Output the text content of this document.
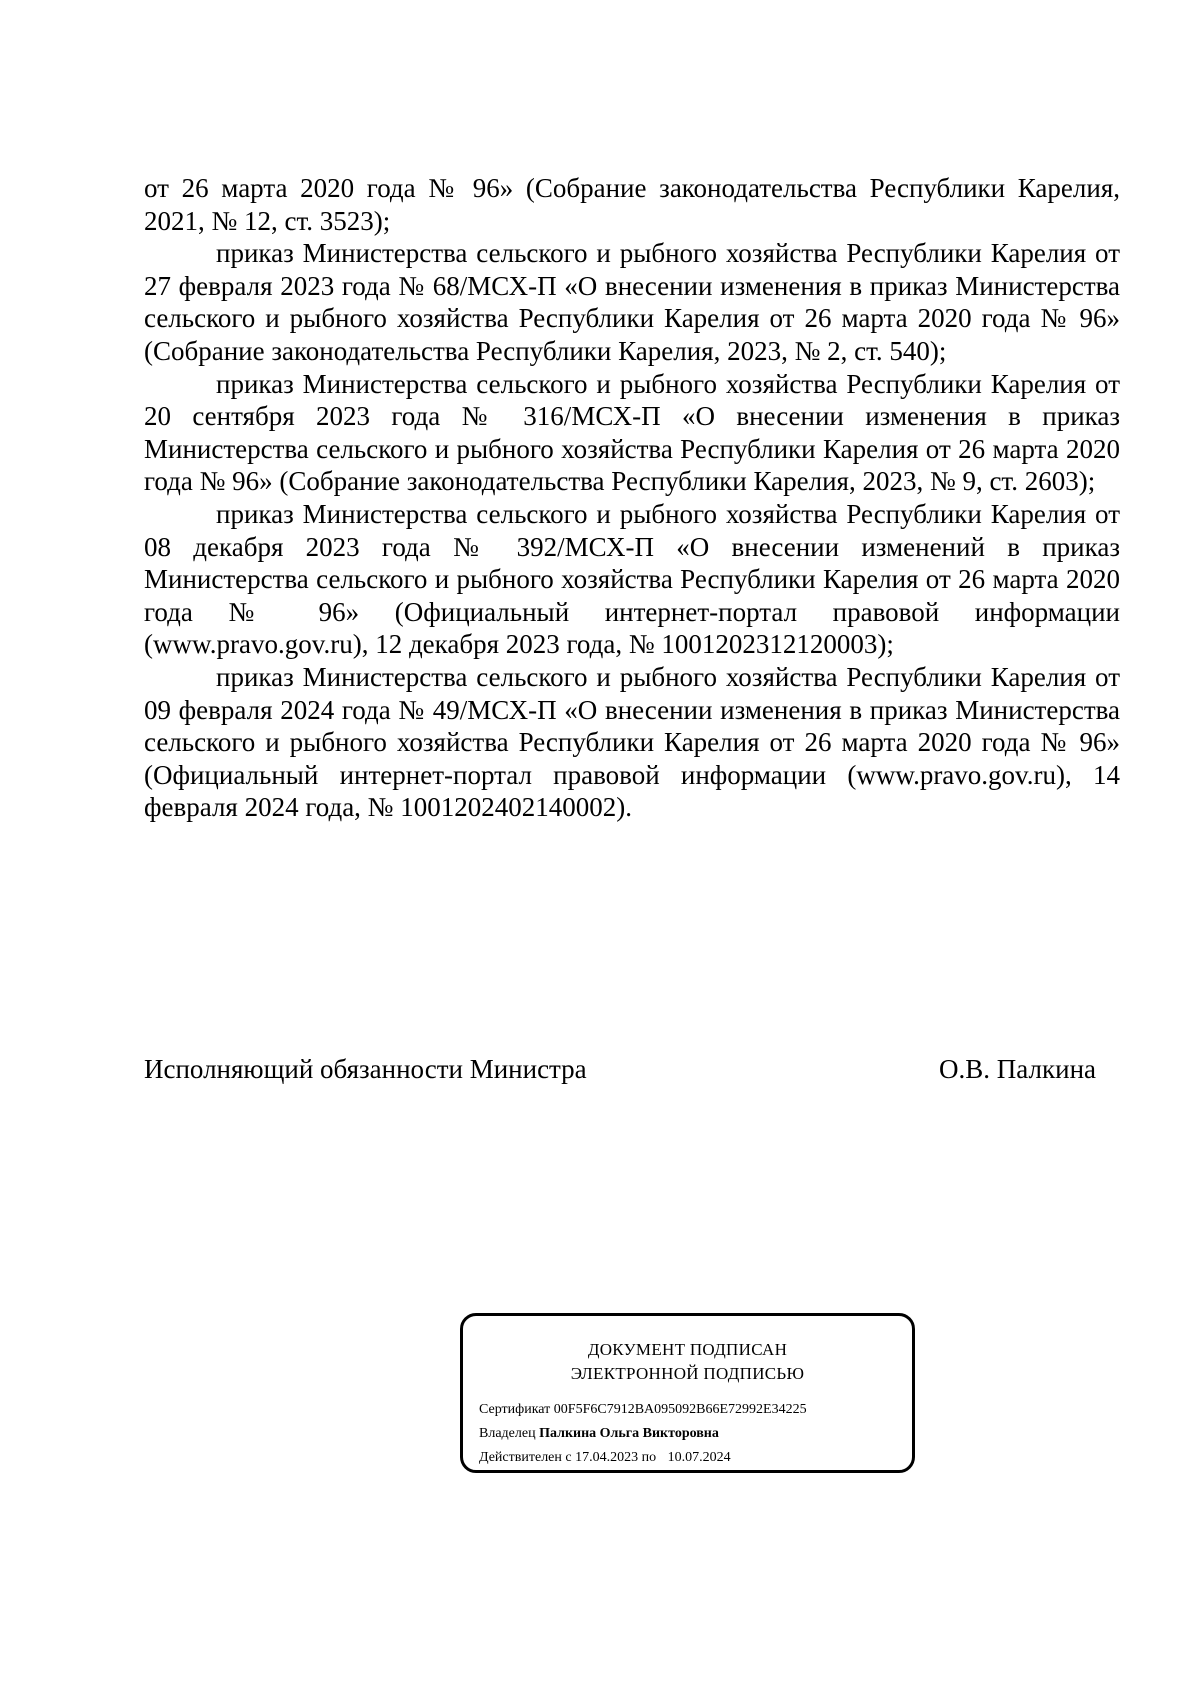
от 26 марта 2020 года № 96» (Собрание законодательства Республики Карелия, 2021, № 12, ст. 3523);

приказ Министерства сельского и рыбного хозяйства Республики Карелия от 27 февраля 2023 года № 68/МСХ-П «О внесении изменения в приказ Министерства сельского и рыбного хозяйства Республики Карелия от 26 марта 2020 года № 96» (Собрание законодательства Республики Карелия, 2023, № 2, ст. 540);

приказ Министерства сельского и рыбного хозяйства Республики Карелия от 20 сентября 2023 года № 316/МСХ-П «О внесении изменения в приказ Министерства сельского и рыбного хозяйства Республики Карелия от 26 марта 2020 года № 96» (Собрание законодательства Республики Карелия, 2023, № 9, ст. 2603);

приказ Министерства сельского и рыбного хозяйства Республики Карелия от 08 декабря 2023 года № 392/МСХ-П «О внесении изменений в приказ Министерства сельского и рыбного хозяйства Республики Карелия от 26 марта 2020 года № 96» (Официальный интернет-портал правовой информации (www.pravo.gov.ru), 12 декабря 2023 года, № 1001202312120003);

приказ Министерства сельского и рыбного хозяйства Республики Карелия от 09 февраля 2024 года № 49/МСХ-П «О внесении изменения в приказ Министерства сельского и рыбного хозяйства Республики Карелия от 26 марта 2020 года № 96» (Официальный интернет-портал правовой информации (www.pravo.gov.ru), 14 февраля 2024 года, № 1001202402140002).

Исполняющий обязанности Министра	О.В. Палкина
ДОКУМЕНТ ПОДПИСАН
ЭЛЕКТРОННОЙ ПОДПИСЬЮ
Сертификат 00F5F6C7912BA095092B66E72992E34225
Владелец Палкина Ольга Викторовна
Действителен с 17.04.2023 по 10.07.2024
